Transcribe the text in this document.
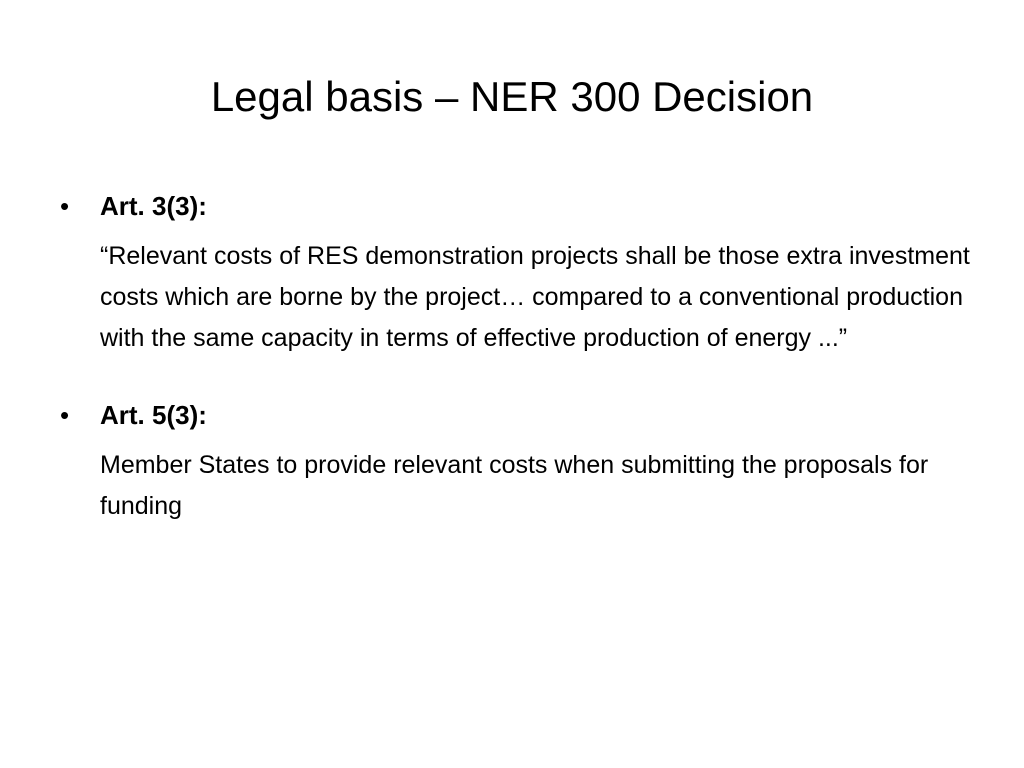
Legal basis – NER 300 Decision
• Art. 3(3):
“Relevant costs of RES demonstration projects shall be those extra investment costs which are borne by the project… compared to a conventional production with the same capacity in terms of effective production of energy ...”
• Art. 5(3):
Member States to provide relevant costs when submitting the proposals for funding
